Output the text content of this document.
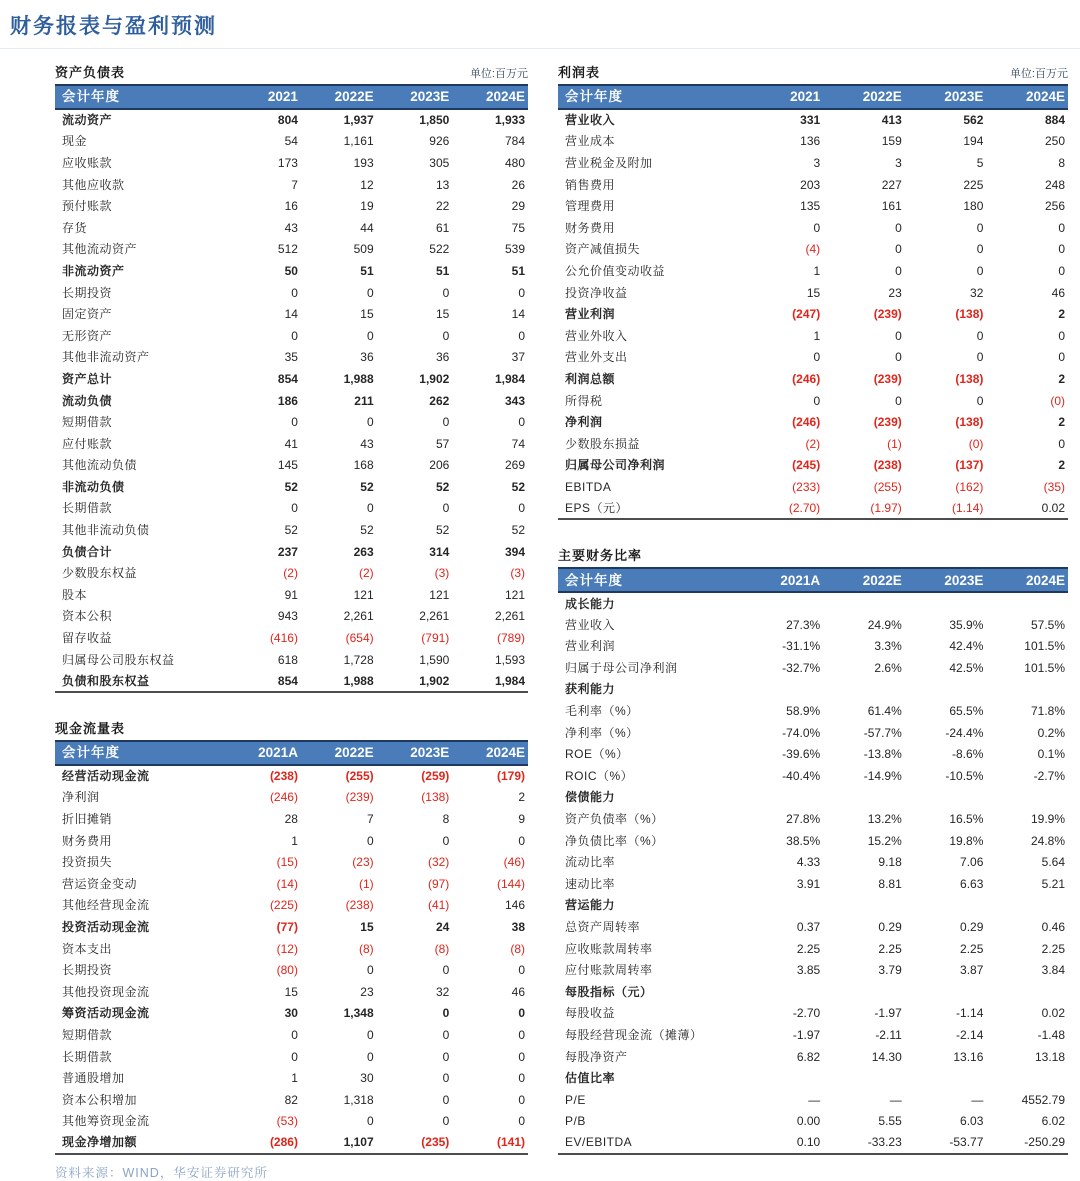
财务报表与盈利预测
资产负债表	单位:百万元
会计年度	2021	2022E	2023E	2024E
流动资产	804	1,937	1,850	1,933
现金	54	1,161	926	784
应收账款	173	193	305	480
其他应收款	7	12	13	26
预付账款	16	19	22	29
存货	43	44	61	75
其他流动资产	512	509	522	539
非流动资产	50	51	51	51
长期投资	0	0	0	0
固定资产	14	15	15	14
无形资产	0	0	0	0
其他非流动资产	35	36	36	37
资产总计	854	1,988	1,902	1,984
流动负债	186	211	262	343
短期借款	0	0	0	0
应付账款	41	43	57	74
其他流动负债	145	168	206	269
非流动负债	52	52	52	52
长期借款	0	0	0	0
其他非流动负债	52	52	52	52
负债合计	237	263	314	394
少数股东权益	(2)	(2)	(3)	(3)
股本	91	121	121	121
资本公积	943	2,261	2,261	2,261
留存收益	(416)	(654)	(791)	(789)
归属母公司股东权益	618	1,728	1,590	1,593
负债和股东权益	854	1,988	1,902	1,984
现金流量表
会计年度	2021A	2022E	2023E	2024E
经营活动现金流	(238)	(255)	(259)	(179)
净利润	(246)	(239)	(138)	2
折旧摊销	28	7	8	9
财务费用	1	0	0	0
投资损失	(15)	(23)	(32)	(46)
营运资金变动	(14)	(1)	(97)	(144)
其他经营现金流	(225)	(238)	(41)	146
投资活动现金流	(77)	15	24	38
资本支出	(12)	(8)	(8)	(8)
长期投资	(80)	0	0	0
其他投资现金流	15	23	32	46
筹资活动现金流	30	1,348	0	0
短期借款	0	0	0	0
长期借款	0	0	0	0
普通股增加	1	30	0	0
资本公积增加	82	1,318	0	0
其他筹资现金流	(53)	0	0	0
现金净增加额	(286)	1,107	(235)	(141)
利润表	单位:百万元
会计年度	2021	2022E	2023E	2024E
营业收入	331	413	562	884
营业成本	136	159	194	250
营业税金及附加	3	3	5	8
销售费用	203	227	225	248
管理费用	135	161	180	256
财务费用	0	0	0	0
资产减值损失	(4)	0	0	0
公允价值变动收益	1	0	0	0
投资净收益	15	23	32	46
营业利润	(247)	(239)	(138)	2
营业外收入	1	0	0	0
营业外支出	0	0	0	0
利润总额	(246)	(239)	(138)	2
所得税	0	0	0	(0)
净利润	(246)	(239)	(138)	2
少数股东损益	(2)	(1)	(0)	0
归属母公司净利润	(245)	(238)	(137)	2
EBITDA	(233)	(255)	(162)	(35)
EPS（元）	(2.70)	(1.97)	(1.14)	0.02
主要财务比率
会计年度	2021A	2022E	2023E	2024E
成长能力				
营业收入	27.3%	24.9%	35.9%	57.5%
营业利润	-31.1%	3.3%	42.4%	101.5%
归属于母公司净利润	-32.7%	2.6%	42.5%	101.5%
获利能力				
毛利率（%）	58.9%	61.4%	65.5%	71.8%
净利率（%）	-74.0%	-57.7%	-24.4%	0.2%
ROE（%）	-39.6%	-13.8%	-8.6%	0.1%
ROIC（%）	-40.4%	-14.9%	-10.5%	-2.7%
偿债能力				
资产负债率（%）	27.8%	13.2%	16.5%	19.9%
净负债比率（%）	38.5%	15.2%	19.8%	24.8%
流动比率	4.33	9.18	7.06	5.64
速动比率	3.91	8.81	6.63	5.21
营运能力				
总资产周转率	0.37	0.29	0.29	0.46
应收账款周转率	2.25	2.25	2.25	2.25
应付账款周转率	3.85	3.79	3.87	3.84
每股指标（元）				
每股收益	-2.70	-1.97	-1.14	0.02
每股经营现金流（摊薄）	-1.97	-2.11	-2.14	-1.48
每股净资产	6.82	14.30	13.16	13.18
估值比率				
P/E	—	—	—	4552.79
P/B	0.00	5.55	6.03	6.02
EV/EBITDA	0.10	-33.23	-53.77	-250.29
资料来源：WIND，华安证券研究所
